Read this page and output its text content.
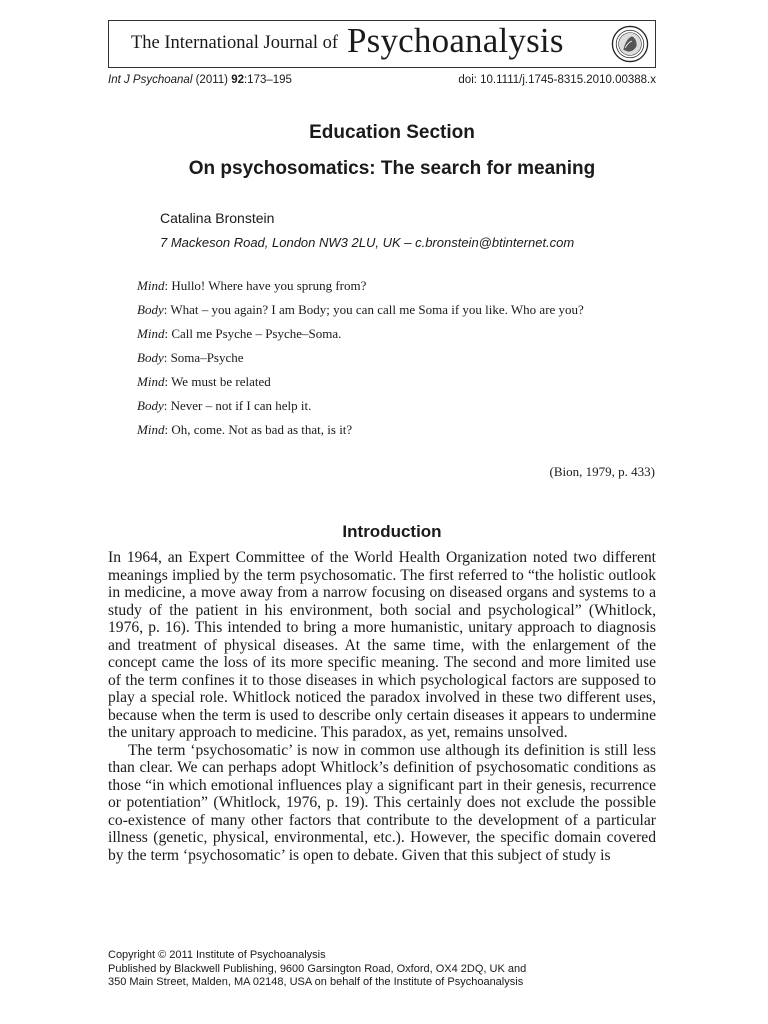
The International Journal of Psychoanalysis
Int J Psychoanal (2011) 92:173–195	doi: 10.1111/j.1745-8315.2010.00388.x
Education Section
On psychosomatics: The search for meaning
Catalina Bronstein
7 Mackeson Road, London NW3 2LU, UK – c.bronstein@btinternet.com
Mind: Hullo! Where have you sprung from?
Body: What – you again? I am Body; you can call me Soma if you like. Who are you?
Mind: Call me Psyche – Psyche–Soma.
Body: Soma–Psyche
Mind: We must be related
Body: Never – not if I can help it.
Mind: Oh, come. Not as bad as that, is it?
(Bion, 1979, p. 433)
Introduction

In 1964, an Expert Committee of the World Health Organization noted two different meanings implied by the term psychosomatic. The first referred to “the holistic outlook in medicine, a move away from a narrow focusing on diseased organs and systems to a study of the patient in his environment, both social and psychological” (Whitlock, 1976, p. 16). This intended to bring a more humanistic, unitary approach to diagnosis and treatment of physical diseases. At the same time, with the enlargement of the concept came the loss of its more specific meaning. The second and more limited use of the term confines it to those diseases in which psychological factors are supposed to play a special role. Whitlock noticed the paradox involved in these two different uses, because when the term is used to describe only certain diseases it appears to undermine the unitary approach to medicine. This paradox, as yet, remains unsolved.

The term ‘psychosomatic’ is now in common use although its definition is still less than clear. We can perhaps adopt Whitlock’s definition of psychosomatic conditions as those “in which emotional influences play a significant part in their genesis, recurrence or potentiation” (Whitlock, 1976, p. 19). This certainly does not exclude the possible co-existence of many other factors that contribute to the development of a particular illness (genetic, physical, environmental, etc.). However, the specific domain covered by the term ‘psychosomatic’ is open to debate. Given that this subject of study is

Copyright © 2011 Institute of Psychoanalysis
Published by Blackwell Publishing, 9600 Garsington Road, Oxford, OX4 2DQ, UK and
350 Main Street, Malden, MA 02148, USA on behalf of the Institute of Psychoanalysis
